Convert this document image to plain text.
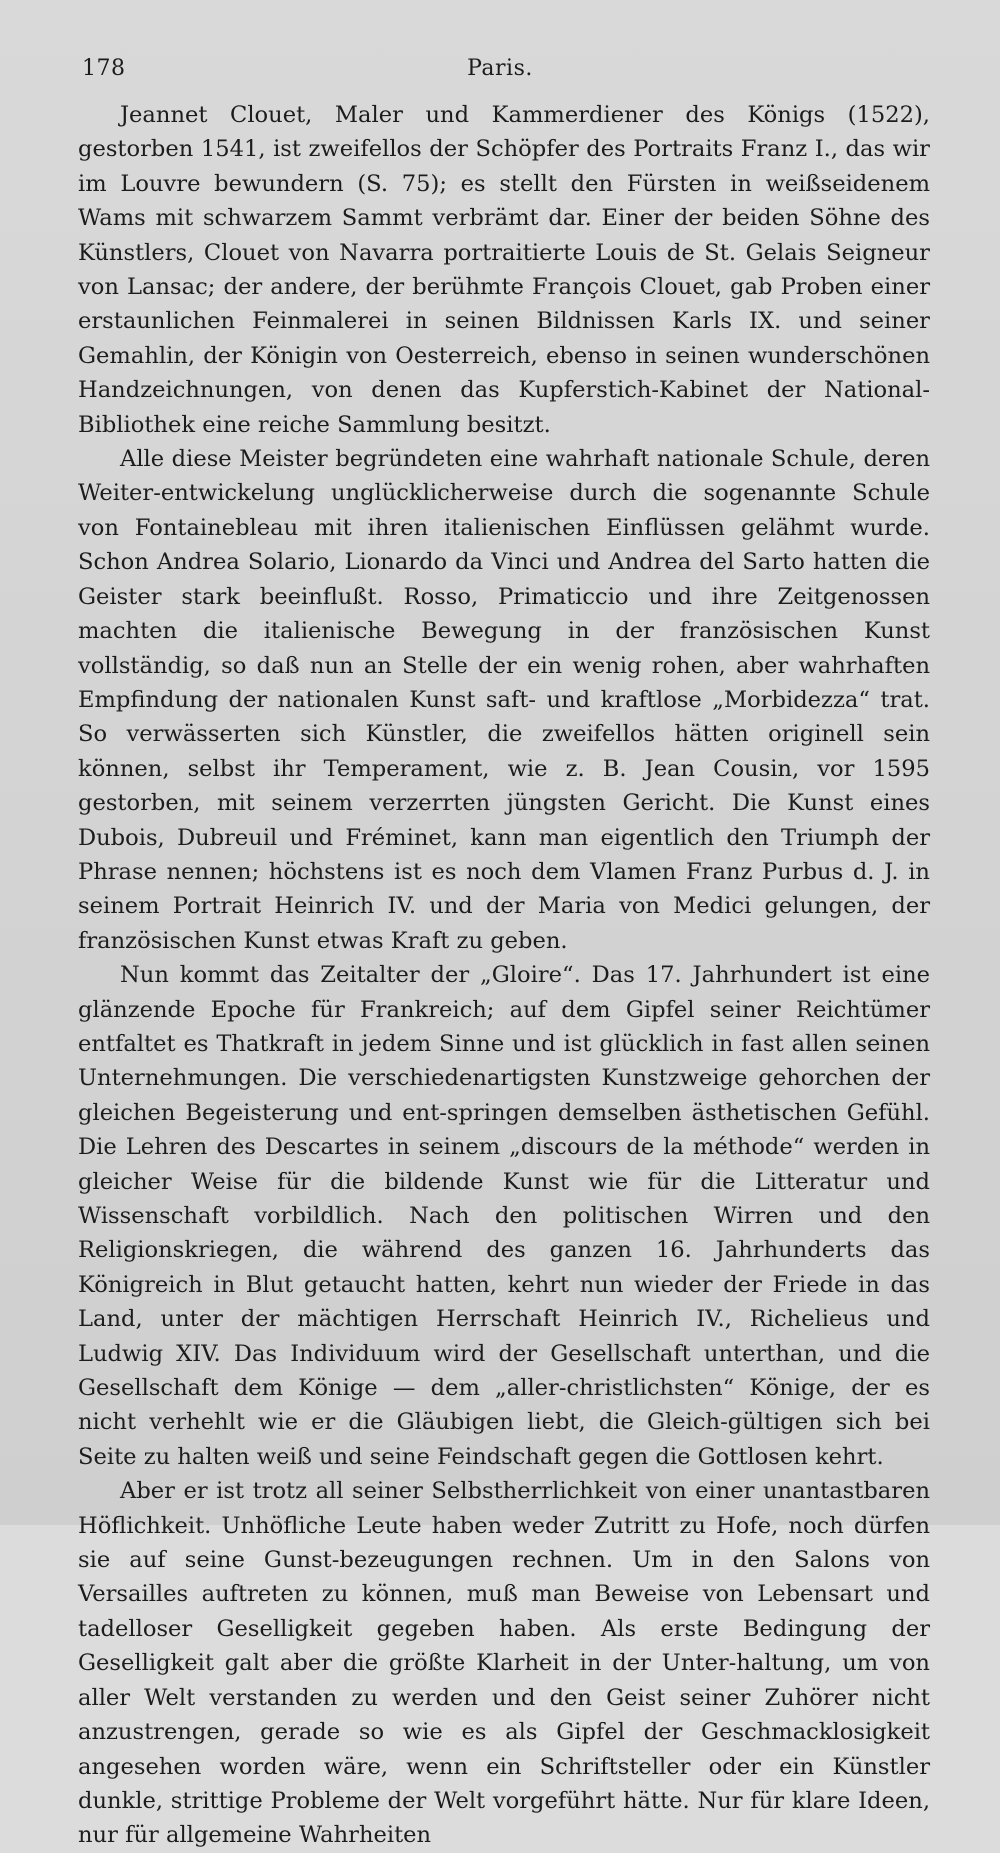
178	Paris.

Jeannet Clouet, Maler und Kammerdiener des Königs (1522), gestorben 1541, ist zweifellos der Schöpfer des Portraits Franz I., das wir im Louvre bewundern (S. 75); es stellt den Fürsten in weißseidenem Wams mit schwarzem Sammt verbrämt dar. Einer der beiden Söhne des Künstlers, Clouet von Navarra portraitierte Louis de St. Gelais Seigneur von Lansac; der andere, der berühmte François Clouet, gab Proben einer erstaunlichen Feinmalerei in seinen Bildnissen Karls IX. und seiner Gemahlin, der Königin von Oesterreich, ebenso in seinen wunderschönen Handzeichnungen, von denen das Kupferstich-Kabinet der National-Bibliothek eine reiche Sammlung besitzt.

Alle diese Meister begründeten eine wahrhaft nationale Schule, deren Weiter-entwickelung unglücklicherweise durch die sogenannte Schule von Fontainebleau mit ihren italienischen Einflüssen gelähmt wurde. Schon Andrea Solario, Lionardo da Vinci und Andrea del Sarto hatten die Geister stark beeinflußt. Rosso, Primaticcio und ihre Zeitgenossen machten die italienische Bewegung in der französischen Kunst vollständig, so daß nun an Stelle der ein wenig rohen, aber wahrhaften Empfindung der nationalen Kunst saft- und kraftlose „Morbidezza“ trat. So verwässerten sich Künstler, die zweifellos hätten originell sein können, selbst ihr Temperament, wie z. B. Jean Cousin, vor 1595 gestorben, mit seinem verzerrten jüngsten Gericht. Die Kunst eines Dubois, Dubreuil und Fréminet, kann man eigentlich den Triumph der Phrase nennen; höchstens ist es noch dem Vlamen Franz Purbus d. J. in seinem Portrait Heinrich IV. und der Maria von Medici gelungen, der französischen Kunst etwas Kraft zu geben.

Nun kommt das Zeitalter der „Gloire“. Das 17. Jahrhundert ist eine glänzende Epoche für Frankreich; auf dem Gipfel seiner Reichtümer entfaltet es Thatkraft in jedem Sinne und ist glücklich in fast allen seinen Unternehmungen. Die verschiedenartigsten Kunstzweige gehorchen der gleichen Begeisterung und ent-springen demselben ästhetischen Gefühl. Die Lehren des Descartes in seinem „discours de la méthode“ werden in gleicher Weise für die bildende Kunst wie für die Litteratur und Wissenschaft vorbildlich. Nach den politischen Wirren und den Religionskriegen, die während des ganzen 16. Jahrhunderts das Königreich in Blut getaucht hatten, kehrt nun wieder der Friede in das Land, unter der mächtigen Herrschaft Heinrich IV., Richelieus und Ludwig XIV. Das Individuum wird der Gesellschaft unterthan, und die Gesellschaft dem Könige — dem „aller-christlichsten“ Könige, der es nicht verhehlt wie er die Gläubigen liebt, die Gleich-gültigen sich bei Seite zu halten weiß und seine Feindschaft gegen die Gottlosen kehrt.

Aber er ist trotz all seiner Selbstherrlichkeit von einer unantastbaren Höflichkeit. Unhöfliche Leute haben weder Zutritt zu Hofe, noch dürfen sie auf seine Gunst-bezeugungen rechnen. Um in den Salons von Versailles auftreten zu können, muß man Beweise von Lebensart und tadelloser Geselligkeit gegeben haben. Als erste Bedingung der Geselligkeit galt aber die größte Klarheit in der Unter-haltung, um von aller Welt verstanden zu werden und den Geist seiner Zuhörer nicht anzustrengen, gerade so wie es als Gipfel der Geschmacklosigkeit angesehen worden wäre, wenn ein Schriftsteller oder ein Künstler dunkle, strittige Probleme der Welt vorgeführt hätte. Nur für klare Ideen, nur für allgemeine Wahrheiten
